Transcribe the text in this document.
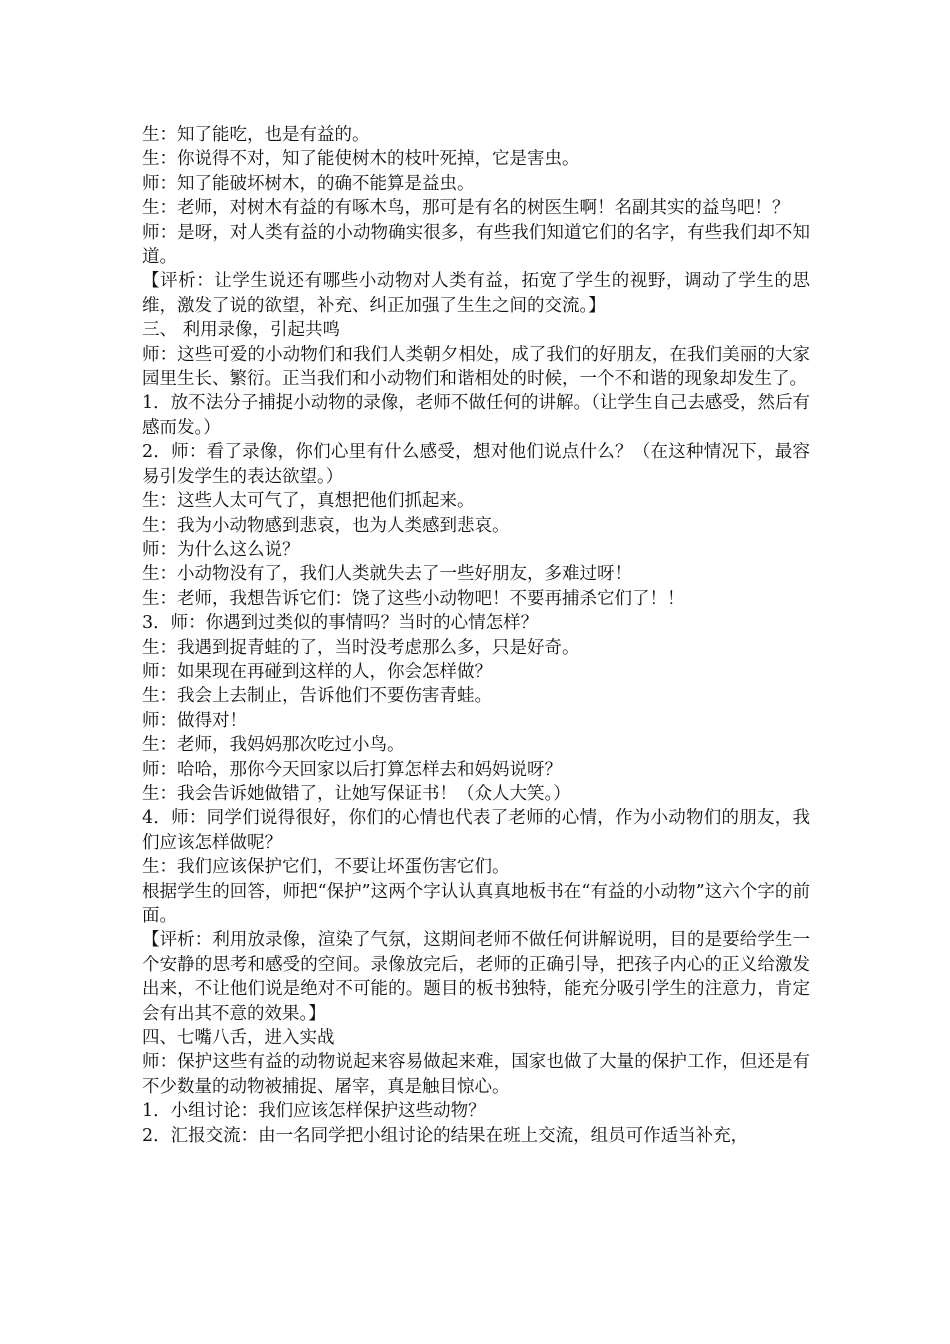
生：知了能吃，也是有益的。

生：你说得不对，知了能使树木的枝叶死掉，它是害虫。

师：知了能破坏树木，的确不能算是益虫。

生：老师，对树木有益的有啄木鸟，那可是有名的树医生啊！名副其实的益鸟吧！？

师：是呀，对人类有益的小动物确实很多，有些我们知道它们的名字，有些我们却不知道。

【评析：让学生说还有哪些小动物对人类有益，拓宽了学生的视野，调动了学生的思维，激发了说的欲望，补充、纠正加强了生生之间的交流。】

三、 利用录像，引起共鸣

师：这些可爱的小动物们和我们人类朝夕相处，成了我们的好朋友，在我们美丽的大家园里生长、繁衍。正当我们和小动物们和谐相处的时候，一个不和谐的现象却发生了。

1．放不法分子捕捉小动物的录像，老师不做任何的讲解。（让学生自己去感受，然后有感而发。）

2．师：看了录像，你们心里有什么感受，想对他们说点什么？（在这种情况下，最容易引发学生的表达欲望。）

生：这些人太可气了，真想把他们抓起来。

生：我为小动物感到悲哀，也为人类感到悲哀。

师：为什么这么说？

生：小动物没有了，我们人类就失去了一些好朋友，多难过呀！

生：老师，我想告诉它们：饶了这些小动物吧！不要再捕杀它们了！！

3．师：你遇到过类似的事情吗？当时的心情怎样？

生：我遇到捉青蛙的了，当时没考虑那么多，只是好奇。

师：如果现在再碰到这样的人，你会怎样做？

生：我会上去制止，告诉他们不要伤害青蛙。

师：做得对！

生：老师，我妈妈那次吃过小鸟。

师：哈哈，那你今天回家以后打算怎样去和妈妈说呀？

生：我会告诉她做错了，让她写保证书！（众人大笑。）

4．师：同学们说得很好，你们的心情也代表了老师的心情，作为小动物们的朋友，我们应该怎样做呢？

生：我们应该保护它们，不要让坏蛋伤害它们。

根据学生的回答，师把“保护”这两个字认认真真地板书在“有益的小动物”这六个字的前面。

【评析：利用放录像，渲染了气氛，这期间老师不做任何讲解说明，目的是要给学生一个安静的思考和感受的空间。录像放完后，老师的正确引导，把孩子内心的正义给激发出来，不让他们说是绝对不可能的。题目的板书独特，能充分吸引学生的注意力，肯定会有出其不意的效果。】

四、七嘴八舌，进入实战

师：保护这些有益的动物说起来容易做起来难，国家也做了大量的保护工作，但还是有不少数量的动物被捕捉、屠宰，真是触目惊心。

1．小组讨论：我们应该怎样保护这些动物？

2．汇报交流：由一名同学把小组讨论的结果在班上交流，组员可作适当补充，
